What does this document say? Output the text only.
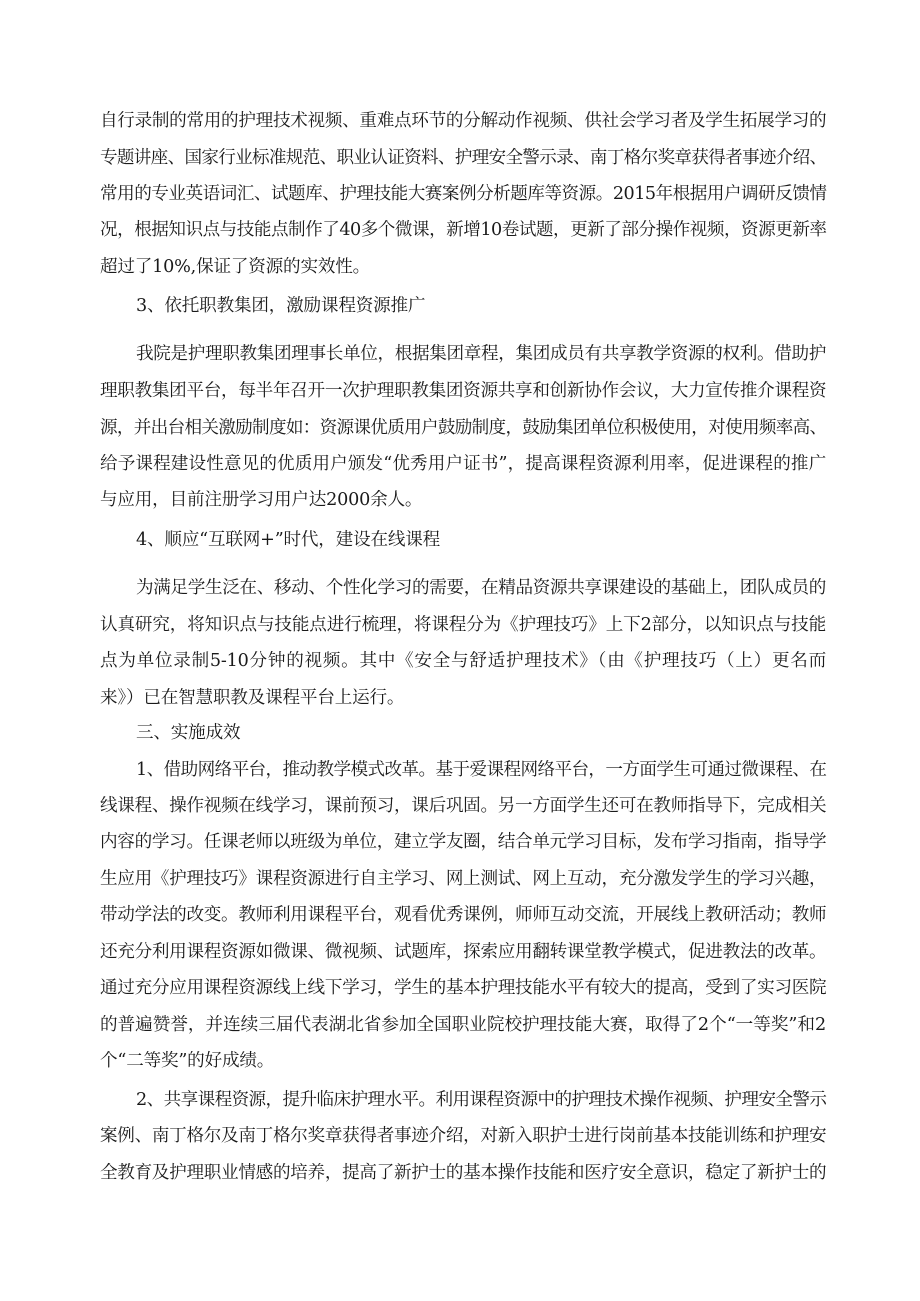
自行录制的常用的护理技术视频、重难点环节的分解动作视频、供社会学习者及学生拓展学习的
专题讲座、国家行业标准规范、职业认证资料、护理安全警示录、南丁格尔奖章获得者事迹介绍、
常用的专业英语词汇、试题库、护理技能大赛案例分析题库等资源。2015年根据用户调研反馈情
况，根据知识点与技能点制作了40多个微课，新增10卷试题，更新了部分操作视频，资源更新率
超过了10%,保证了资源的实效性。
3、依托职教集团，激励课程资源推广
我院是护理职教集团理事长单位，根据集团章程，集团成员有共享教学资源的权利。借助护
理职教集团平台，每半年召开一次护理职教集团资源共享和创新协作会议，大力宣传推介课程资
源，并出台相关激励制度如：资源课优质用户鼓励制度，鼓励集团单位积极使用，对使用频率高、
给予课程建设性意见的优质用户颁发“优秀用户证书”，提高课程资源利用率，促进课程的推广
与应用，目前注册学习用户达2000余人。
4、顺应“互联网+”时代，建设在线课程
为满足学生泛在、移动、个性化学习的需要，在精品资源共享课建设的基础上，团队成员的
认真研究，将知识点与技能点进行梳理，将课程分为《护理技巧》上下2部分，以知识点与技能
点为单位录制5-10分钟的视频。其中《安全与舒适护理技术》（由《护理技巧（上）更名而
来》）已在智慧职教及课程平台上运行。
三、实施成效
1、借助网络平台，推动教学模式改革。基于爱课程网络平台，一方面学生可通过微课程、在
线课程、操作视频在线学习，课前预习，课后巩固。另一方面学生还可在教师指导下，完成相关
内容的学习。任课老师以班级为单位，建立学友圈，结合单元学习目标，发布学习指南，指导学
生应用《护理技巧》课程资源进行自主学习、网上测试、网上互动，充分激发学生的学习兴趣，
带动学法的改变。教师利用课程平台，观看优秀课例，师师互动交流，开展线上教研活动；教师
还充分利用课程资源如微课、微视频、试题库，探索应用翻转课堂教学模式，促进教法的改革。
通过充分应用课程资源线上线下学习，学生的基本护理技能水平有较大的提高，受到了实习医院
的普遍赞誉，并连续三届代表湖北省参加全国职业院校护理技能大赛，取得了2个“一等奖”和2
个“二等奖”的好成绩。
2、共享课程资源，提升临床护理水平。利用课程资源中的护理技术操作视频、护理安全警示
案例、南丁格尔及南丁格尔奖章获得者事迹介绍，对新入职护士进行岗前基本技能训练和护理安
全教育及护理职业情感的培养，提高了新护士的基本操作技能和医疗安全意识，稳定了新护士的
